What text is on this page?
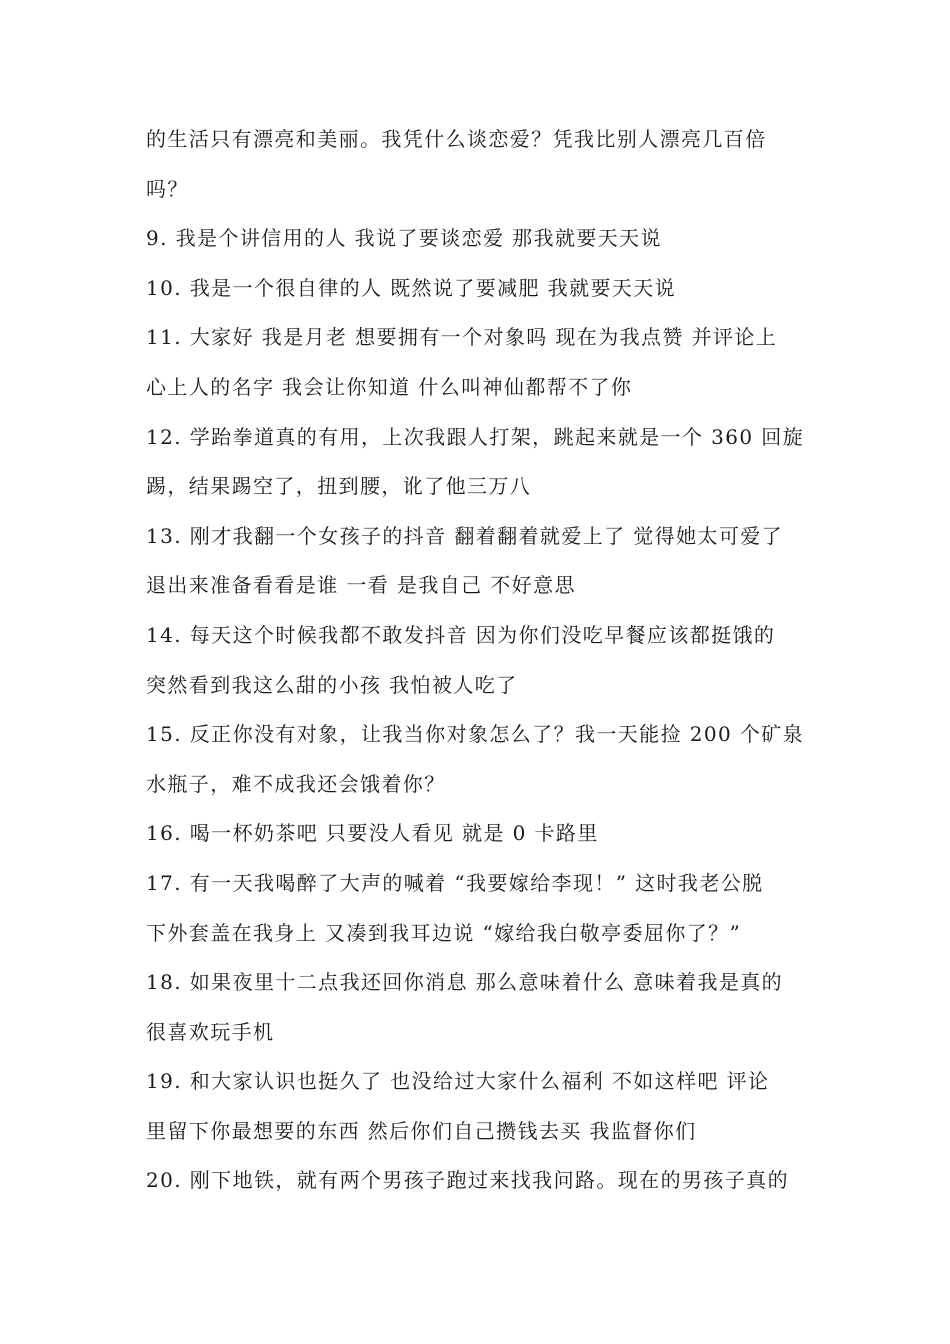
的生活只有漂亮和美丽。我凭什么谈恋爱？凭我比别人漂亮几百倍
吗？
9. 我是个讲信用的人 我说了要谈恋爱 那我就要天天说
10. 我是一个很自律的人 既然说了要减肥 我就要天天说
11. 大家好 我是月老 想要拥有一个对象吗 现在为我点赞 并评论上
心上人的名字 我会让你知道 什么叫神仙都帮不了你
12. 学跆拳道真的有用，上次我跟人打架，跳起来就是一个 360 回旋
踢，结果踢空了，扭到腰，讹了他三万八
13. 刚才我翻一个女孩子的抖音 翻着翻着就爱上了 觉得她太可爱了
退出来准备看看是谁 一看 是我自己 不好意思
14. 每天这个时候我都不敢发抖音 因为你们没吃早餐应该都挺饿的
突然看到我这么甜的小孩 我怕被人吃了
15. 反正你没有对象，让我当你对象怎么了？我一天能捡 200 个矿泉
水瓶子，难不成我还会饿着你？
16. 喝一杯奶茶吧 只要没人看见 就是 0 卡路里
17. 有一天我喝醉了大声的喊着 “我要嫁给李现！” 这时我老公脱
下外套盖在我身上 又凑到我耳边说 “嫁给我白敬亭委屈你了？”
18. 如果夜里十二点我还回你消息 那么意味着什么 意味着我是真的
很喜欢玩手机
19. 和大家认识也挺久了 也没给过大家什么福利 不如这样吧 评论
里留下你最想要的东西 然后你们自己攒钱去买 我监督你们
20. 刚下地铁，就有两个男孩子跑过来找我问路。现在的男孩子真的
